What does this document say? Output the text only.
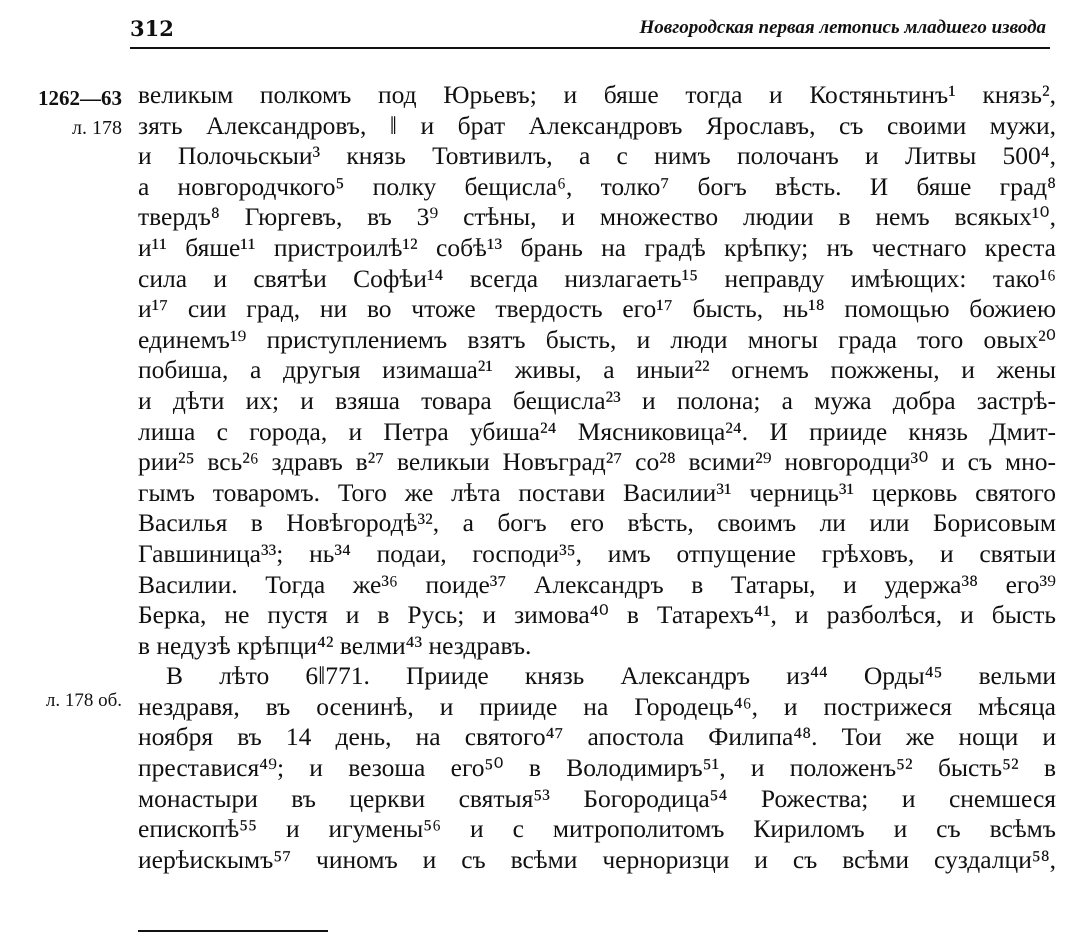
312	Новгородская первая летопись младшего извода
1262—63
л. 178
л. 178 об.
великым полкомъ под Юрьевъ; и бяше тогда и Костяньтинъ¹ князь²,
зять Александровъ, ‖ и брат Александровъ Ярославъ, съ своими мужи,
и Полочьскыи³ князь Товтивилъ, а с нимъ полочанъ и Литвы 500⁴,
а новгородчкого⁵ полку бещисла⁶, толко⁷ богъ вѣсть. И бяше град⁸
твердъ⁸ Гюргевъ, въ 3⁹ стѣны, и множество людии в немъ всякых¹⁰,
и¹¹ бяше¹¹ пристроилѣ¹² собѣ¹³ брань на градѣ крѣпку; нъ честнаго креста
сила и святѣи Софѣи¹⁴ всегда низлагаеть¹⁵ неправду имѣющих: тако¹⁶
и¹⁷ сии град, ни во чтоже твердость его¹⁷ бысть, нь¹⁸ помощью божиею
единемъ¹⁹ приступлениемъ взятъ бысть, и люди многы града того овых²⁰
побиша, а другыя изимаша²¹ живы, а иныи²² огнемъ пожжены, и жены
и дѣти их; и взяша товара бещисла²³ и полона; а мужа добра застрѣ-
лиша с города, и Петра убиша²⁴ Мясниковица²⁴. И прииде князь Дмит-
рии²⁵ всь²⁶ здравъ в²⁷ великыи Новъград²⁷ со²⁸ всими²⁹ новгородци³⁰ и съ мно-
гымъ товаромъ. Того же лѣта постави Василии³¹ черниць³¹ церковь святого
Василья в Новѣгородѣ³², а богъ его вѣсть, своимъ ли или Борисовым
Гавшиница³³; нь³⁴ подаи, господи³⁵, имъ отпущение грѣховъ, и святыи
Василии. Тогда же³⁶ поиде³⁷ Александръ в Татары, и удержа³⁸ его³⁹
Берка, не пустя и в Русь; и зимова⁴⁰ в Татарехъ⁴¹, и разболѣся, и бысть
в недузѣ крѣпци⁴² велми⁴³ нездравъ.
В лѣто 6‖771. Прииде князь Александръ из⁴⁴ Орды⁴⁵ вельми
нездравя, въ осенинѣ, и прииде на Городець⁴⁶, и пострижеся мѣсяца
ноября въ 14 день, на святого⁴⁷ апостола Филипа⁴⁸. Тои же нощи и
преставися⁴⁹; и везоша его⁵⁰ в Володимиръ⁵¹, и положенъ⁵² бысть⁵² в
монастыри въ церкви святыя⁵³ Богородица⁵⁴ Рожества; и снемшеся
епископѣ⁵⁵ и игумены⁵⁶ и с митрополитомъ Кириломъ и съ всѣмъ
иерѣискымъ⁵⁷ чиномъ и съ всѣми черноризци и съ всѣми суздалци⁵⁸,
